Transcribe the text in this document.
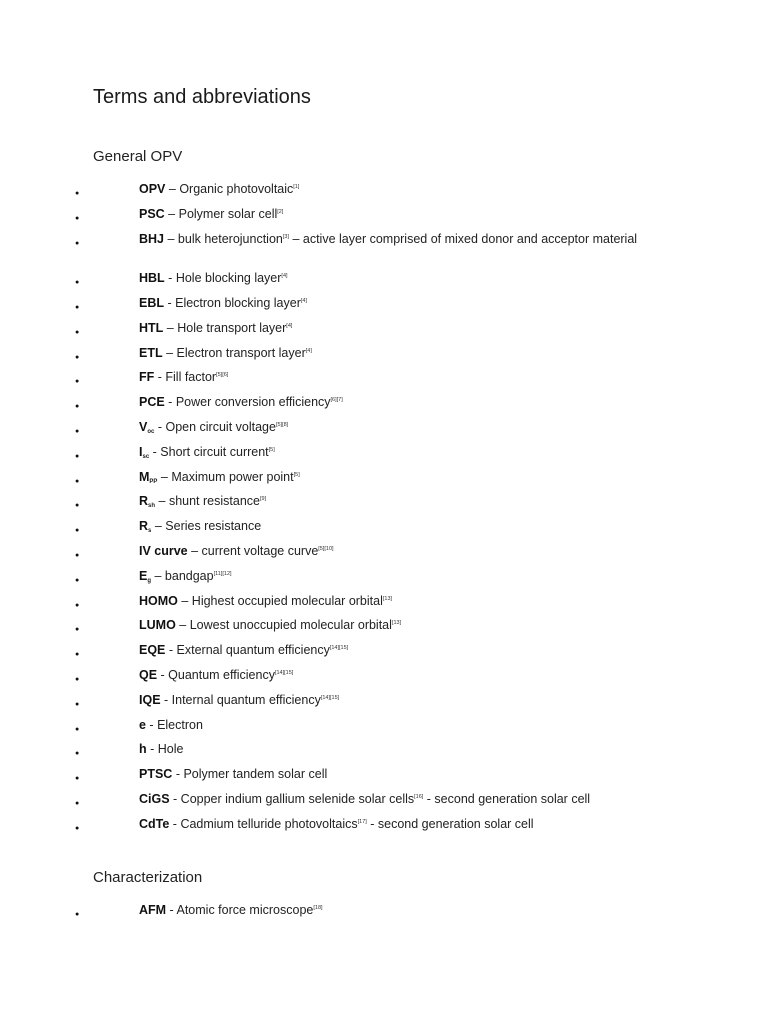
Terms and abbreviations
General OPV
●	OPV – Organic photovoltaic[1]
●	PSC – Polymer solar cell[2]
●	BHJ – bulk heterojunction[3] – active layer comprised of mixed donor and acceptor material
●	HBL - Hole blocking layer[4]
●	EBL - Electron blocking layer[4]
●	HTL – Hole transport layer[4]
●	ETL – Electron transport layer[4]
●	FF - Fill factor[5][6]
●	PCE - Power conversion efficiency[6][7]
●	$V_{oc}$ - Open circuit voltage[5][8]
●	$I_{sc}$ - Short circuit current[5]
●	$M_{PP}$ – Maximum power point[5]
●	$R_{sh}$ – shunt resistance[9]
●	$R_s$ – Series resistance
●	IV curve – current voltage curve[5][10]
●	$E_g$ – bandgap[11][12]
●	HOMO – Highest occupied molecular orbital[13]
●	LUMO – Lowest unoccupied molecular orbital[13]
●	EQE - External quantum efficiency[14][15]
●	QE - Quantum efficiency[14][15]
●	IQE - Internal quantum efficiency[14][15]
●	e - Electron
●	h - Hole
●	PTSC - Polymer tandem solar cell
●	CiGS - Copper indium gallium selenide solar cells[16] - second generation solar cell
●	CdTe - Cadmium telluride photovoltaics[17] - second generation solar cell
Characterization
●	AFM - Atomic force microscope[18]
